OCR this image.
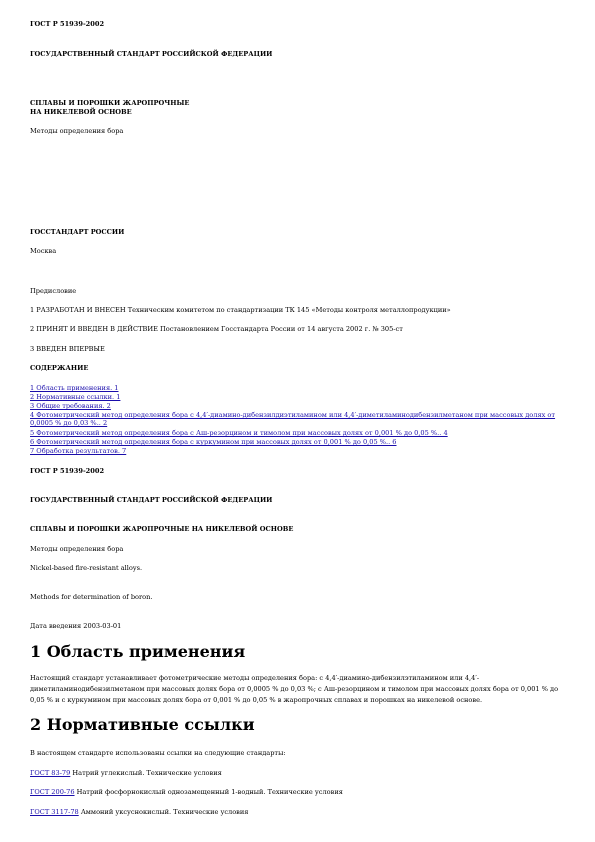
ГОСТ Р 51939-2002
ГОСУДАРСТВЕННЫЙ СТАНДАРТ РОССИЙСКОЙ ФЕДЕРАЦИИ
СПЛАВЫ И ПОРОШКИ ЖАРОПРОЧНЫЕ
НА НИКЕЛЕВОЙ ОСНОВЕ
Методы определения бора
ГОССТАНДАРТ РОССИИ
Москва
Предисловие
1 РАЗРАБОТАН И ВНЕСЕН Техническим комитетом по стандартизации ТК 145 «Методы контроля металлопродукции»
2 ПРИНЯТ И ВВЕДЕН В ДЕЙСТВИЕ Постановлением Госстандарта России от 14 августа 2002 г. № 305-ст
3 ВВЕДЕН ВПЕРВЫЕ
СОДЕРЖАНИЕ
1 Область применения. 1
2 Нормативные ссылки. 1
3 Общие требования. 2
4 Фотометрический метод определения бора с 4,4′-диамино-дибензилдиэтиламином или 4,4′-диметиламинодибензилметаном при массовых долях от 0,0005 % до 0,03 %.. 2
5 Фотометрический метод определения бора с Аш-резорцином и тимолом при массовых долях от 0,001 % до 0,05 %.. 4
6 Фотометрический метод определения бора с куркумином при массовых долях от 0,001 % до 0,05 %.. 6
7 Обработка результатов. 7
ГОСТ Р 51939-2002
ГОСУДАРСТВЕННЫЙ СТАНДАРТ РОССИЙСКОЙ ФЕДЕРАЦИИ
СПЛАВЫ И ПОРОШКИ ЖАРОПРОЧНЫЕ НА НИКЕЛЕВОЙ ОСНОВЕ
Методы определения бора
Nickel-based fire-resistant alloys.
Methods for determination of boron.
Дата введения 2003-03-01
1 Область применения
Настоящий стандарт устанавливает фотометрические методы определения бора: с 4,4′-диамино-дибензилэтиламином или 4,4′-диметиламинодибензилметаном при массовых долях бора от 0,0005 % до 0,03 %; с Аш-резорцином и тимолом при массовых долях бора от 0,001 % до 0,05 % и с куркумином при массовых долях бора от 0,001 % до 0,05 % в жаропрочных сплавах и порошках на никелевой основе.
2 Нормативные ссылки
В настоящем стандарте использованы ссылки на следующие стандарты:
ГОСТ 83-79 Натрий углекислый. Технические условия
ГОСТ 200-76 Натрий фосфорнокислый однозамещенный 1-водный. Технические условия
ГОСТ 3117-78 Аммоний уксуснокислый. Технические условия
